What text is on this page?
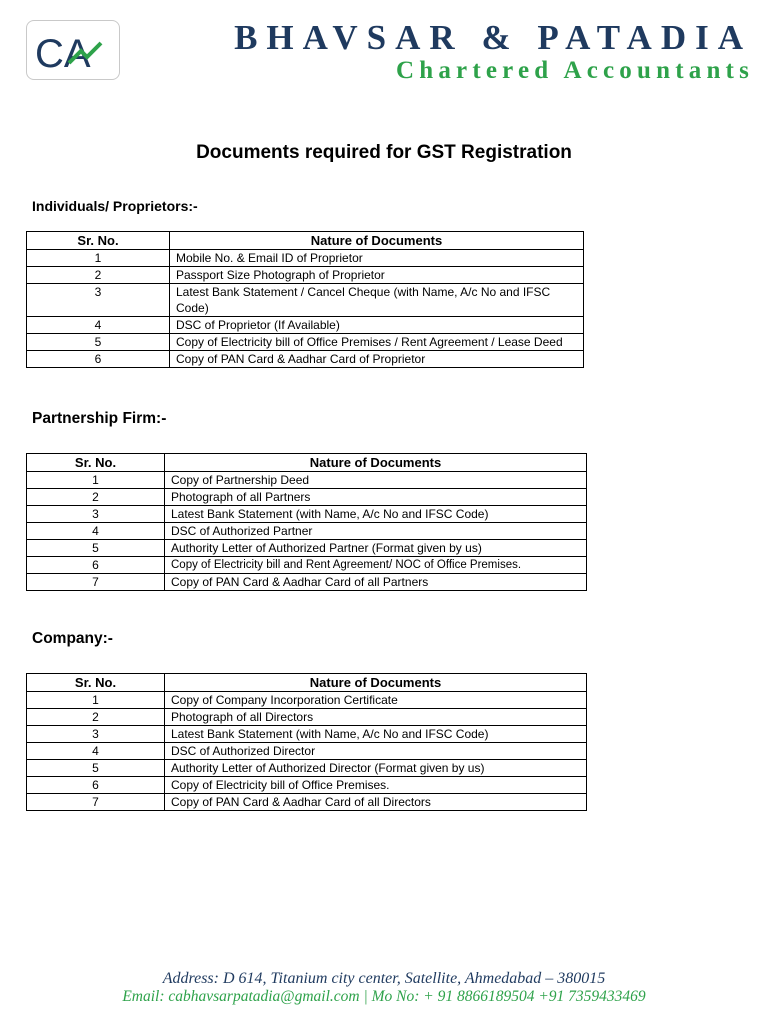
CA	BHAVSAR & PATADIA
Chartered Accountants
Documents required for GST Registration
Individuals/ Proprietors:-
Sr. No.	Nature of Documents
1	Mobile No. & Email ID of Proprietor
2	Passport Size Photograph of Proprietor
3	Latest Bank Statement / Cancel Cheque (with Name, A/c No and IFSC Code)
4	DSC of Proprietor (If Available)
5	Copy of Electricity bill of Office Premises / Rent Agreement / Lease Deed
6	Copy of PAN Card & Aadhar Card of Proprietor
Partnership Firm:-
Sr. No.	Nature of Documents
1	Copy of Partnership Deed
2	Photograph of all Partners
3	Latest Bank Statement (with Name, A/c No and IFSC Code)
4	DSC of Authorized Partner
5	Authority Letter of Authorized Partner (Format given by us)
6	Copy of Electricity bill and Rent Agreement/ NOC of Office Premises.
7	Copy of PAN Card & Aadhar Card of all Partners
Company:-
Sr. No.	Nature of Documents
1	Copy of Company Incorporation Certificate
2	Photograph of all Directors
3	Latest Bank Statement (with Name, A/c No and IFSC Code)
4	DSC of Authorized Director
5	Authority Letter of Authorized Director (Format given by us)
6	Copy of Electricity bill of Office Premises.
7	Copy of PAN Card & Aadhar Card of all Directors
Address: D 614, Titanium city center, Satellite, Ahmedabad – 380015
Email: cabhavsarpatadia@gmail.com | Mo No: + 91 8866189504 +91 7359433469
